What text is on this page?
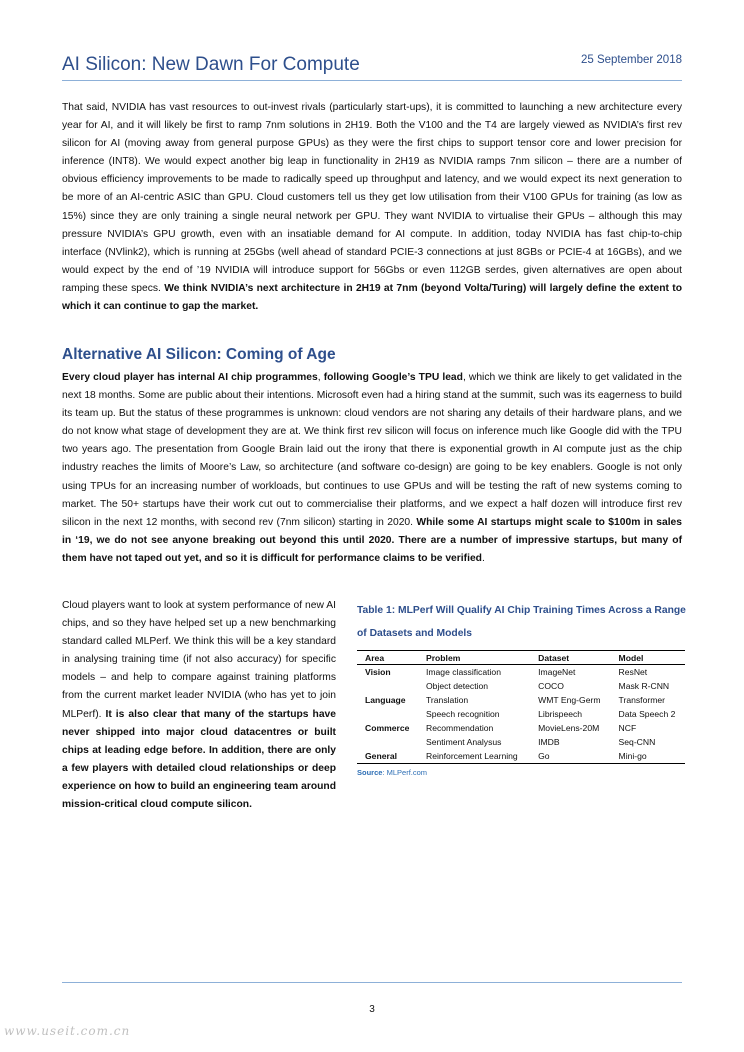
AI Silicon: New Dawn For Compute	25 September 2018
That said, NVIDIA has vast resources to out-invest rivals (particularly start-ups), it is committed to launching a new architecture every year for AI, and it will likely be first to ramp 7nm solutions in 2H19. Both the V100 and the T4 are largely viewed as NVIDIA’s first rev silicon for AI (moving away from general purpose GPUs) as they were the first chips to support tensor core and lower precision for inference (INT8). We would expect another big leap in functionality in 2H19 as NVIDIA ramps 7nm silicon – there are a number of obvious efficiency improvements to be made to radically speed up throughput and latency, and we would expect its next generation to be more of an AI-centric ASIC than GPU. Cloud customers tell us they get low utilisation from their V100 GPUs for training (as low as 15%) since they are only training a single neural network per GPU. They want NVIDIA to virtualise their GPUs – although this may pressure NVIDIA’s GPU growth, even with an insatiable demand for AI compute. In addition, today NVIDIA has fast chip-to-chip interface (NVlink2), which is running at 25Gbs (well ahead of standard PCIE-3 connections at just 8GBs or PCIE-4 at 16GBs), and we would expect by the end of ’19 NVIDIA will introduce support for 56Gbs or even 112GB serdes, given alternatives are open about ramping these specs. We think NVIDIA’s next architecture in 2H19 at 7nm (beyond Volta/Turing) will largely define the extent to which it can continue to gap the market.
Alternative AI Silicon: Coming of Age
Every cloud player has internal AI chip programmes, following Google’s TPU lead, which we think are likely to get validated in the next 18 months. Some are public about their intentions. Microsoft even had a hiring stand at the summit, such was its eagerness to build its team up. But the status of these programmes is unknown: cloud vendors are not sharing any details of their hardware plans, and we do not know what stage of development they are at. We think first rev silicon will focus on inference much like Google did with the TPU two years ago. The presentation from Google Brain laid out the irony that there is exponential growth in AI compute just as the chip industry reaches the limits of Moore’s Law, so architecture (and software co-design) are going to be key enablers. Google is not only using TPUs for an increasing number of workloads, but continues to use GPUs and will be testing the raft of new systems coming to market. The 50+ startups have their work cut out to commercialise their platforms, and we expect a half dozen will introduce first rev silicon in the next 12 months, with second rev (7nm silicon) starting in 2020. While some AI startups might scale to $100m in sales in ‘19, we do not see anyone breaking out beyond this until 2020. There are a number of impressive startups, but many of them have not taped out yet, and so it is difficult for performance claims to be verified.
Cloud players want to look at system performance of new AI chips, and so they have helped set up a new benchmarking standard called MLPerf. We think this will be a key standard in analysing training time (if not also accuracy) for specific models – and help to compare against training platforms from the current market leader NVIDIA (who has yet to join MLPerf). It is also clear that many of the startups have never shipped into major cloud datacentres or built chips at leading edge before. In addition, there are only a few players with detailed cloud relationships or deep experience on how to build an engineering team around mission-critical cloud compute silicon.
Table 1: MLPerf Will Qualify AI Chip Training Times Across a Range of Datasets and Models
Area	Problem	Dataset	Model
Vision	Image classification	ImageNet	ResNet
	Object detection	COCO	Mask R-CNN
Language	Translation	WMT Eng-Germ	Transformer
	Speech recognition	Librispeech	Data Speech 2
Commerce	Recommendation	MovieLens-20M	NCF
	Sentiment Analysus	IMDB	Seq-CNN
General	Reinforcement Learning	Go	Mini-go
Source: MLPerf.com
3
www.useit.com.cn
